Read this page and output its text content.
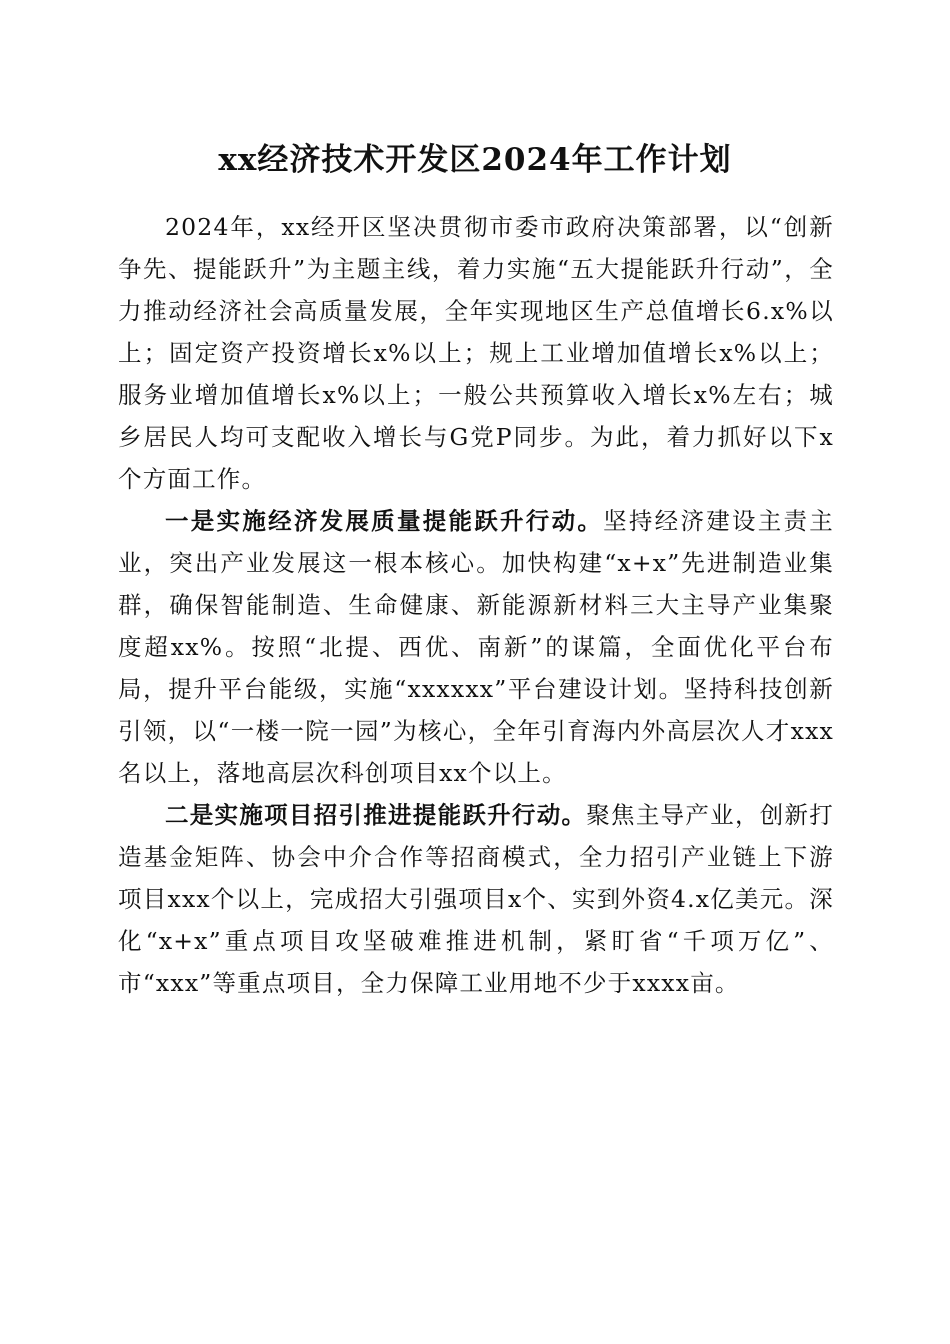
xx经济技术开发区2024年工作计划

2024年，xx经开区坚决贯彻市委市政府决策部署，以“创新争先、提能跃升”为主题主线，着力实施“五大提能跃升行动”，全力推动经济社会高质量发展，全年实现地区生产总值增长6.x%以上；固定资产投资增长x%以上；规上工业增加值增长x%以上；服务业增加值增长x%以上；一般公共预算收入增长x%左右；城乡居民人均可支配收入增长与G党P同步。为此，着力抓好以下x个方面工作。

一是实施经济发展质量提能跃升行动。坚持经济建设主责主业，突出产业发展这一根本核心。加快构建“x+x”先进制造业集群，确保智能制造、生命健康、新能源新材料三大主导产业集聚度超xx%。按照“北提、西优、南新”的谋篇，全面优化平台布局，提升平台能级，实施“xxxxxx”平台建设计划。坚持科技创新引领，以“一楼一院一园”为核心，全年引育海内外高层次人才xxx名以上，落地高层次科创项目xx个以上。

二是实施项目招引推进提能跃升行动。聚焦主导产业，创新打造基金矩阵、协会中介合作等招商模式，全力招引产业链上下游项目xxx个以上，完成招大引强项目x个、实到外资4.x亿美元。深化“x+x”重点项目攻坚破难推进机制，紧盯省“千项万亿”、市“xxx”等重点项目，全力保障工业用地不少于xxxx亩。
